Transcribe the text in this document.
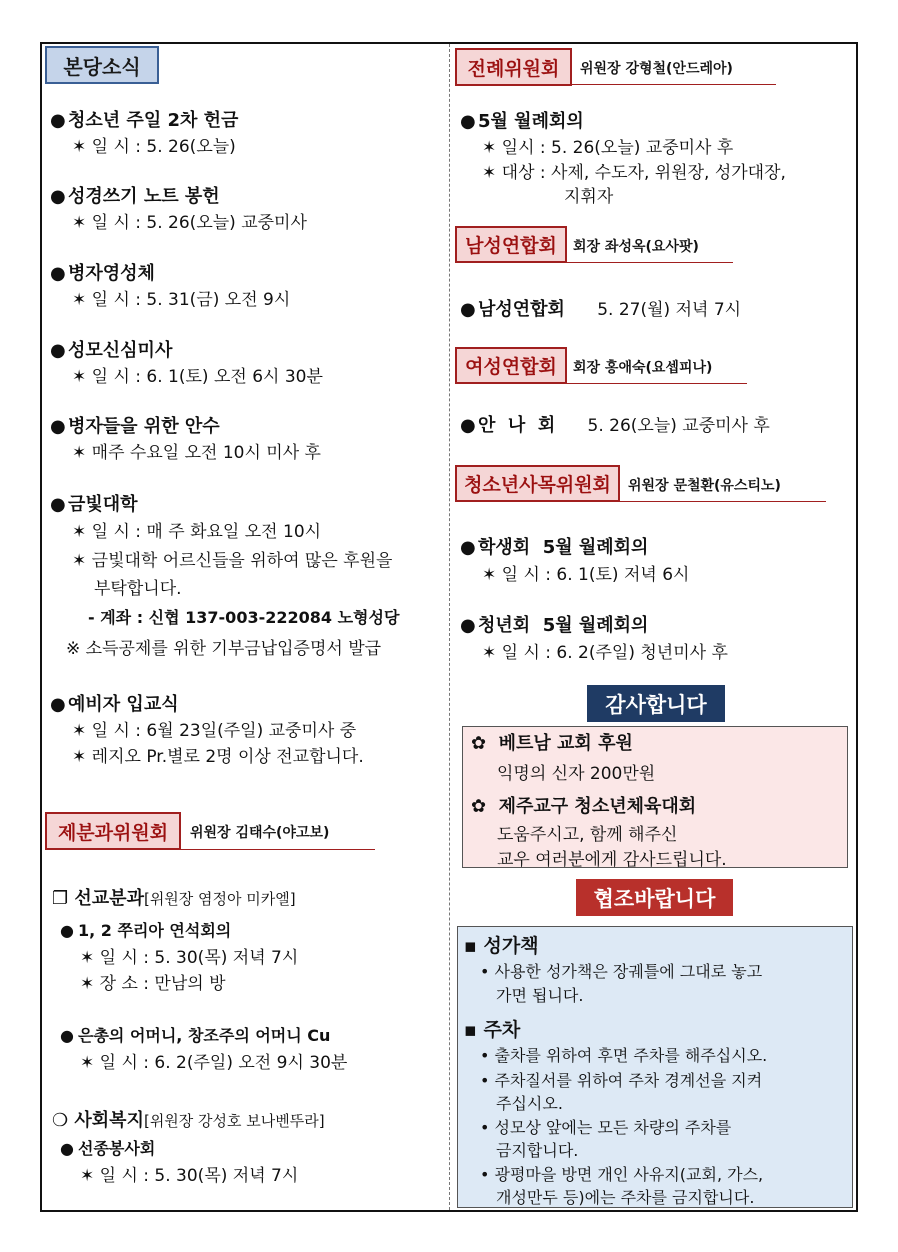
본당소식
● 청소년 주일 2차 헌금
✶ 일 시 : 5. 26(오늘)
● 성경쓰기 노트 봉헌
✶ 일 시 : 5. 26(오늘) 교중미사
● 병자영성체
✶ 일 시 : 5. 31(금) 오전 9시
● 성모신심미사
✶ 일 시 : 6. 1(토) 오전 6시 30분
● 병자들을 위한 안수
✶ 매주 수요일 오전 10시 미사 후
● 금빛대학
✶ 일 시 : 매 주 화요일 오전 10시
✶ 금빛대학 어르신들을 위하여 많은 후원을
부탁합니다.
- 계좌 : 신협 137-003-222084 노형성당
※ 소득공제를 위한 기부금납입증명서 발급
● 예비자 입교식
✶ 일 시 : 6월 23일(주일) 교중미사 중
✶ 레지오 Pr.별로 2명 이상 전교합니다.
제분과위원회	위원장 김태수(야고보)
❐ 선교분과[위원장 염정아 미카엘]
● 1, 2 쭈리아 연석회의
✶ 일 시 : 5. 30(목) 저녁 7시
✶ 장 소 : 만남의 방
● 은총의 어머니, 창조주의 어머니 Cu
✶ 일 시 : 6. 2(주일) 오전 9시 30분
❍ 사회복지[위원장 강성호 보나벤뚜라]
● 선종봉사회
✶ 일 시 : 5. 30(목) 저녁 7시
전례위원회	위원장 강형철(안드레아)
● 5월 월례회의
✶ 일시 : 5. 26(오늘) 교중미사 후
✶ 대상 : 사제, 수도자, 위원장, 성가대장,
지휘자
남성연합회	회장 좌성옥(요사팟)
● 남성연합회 5. 27(월) 저녁 7시
여성연합회	회장 홍애숙(요셉피나)
● 안  나  회 5. 26(오늘) 교중미사 후
청소년사목위원회	위원장 문철환(유스티노)
● 학생회  5월 월례회의
✶ 일 시 : 6. 1(토) 저녁 6시
● 청년회  5월 월례회의
✶ 일 시 : 6. 2(주일) 청년미사 후
감사합니다
✿  베트남 교회 후원
익명의 신자 200만원
✿  제주교구 청소년체육대회
도움주시고, 함께 해주신
교우 여러분에게 감사드립니다.
협조바랍니다
▪ 성가책
• 사용한 성가책은 장궤틀에 그대로 놓고
가면 됩니다.
▪ 주차
• 출차를 위하여 후면 주차를 해주십시오.
• 주차질서를 위하여 주차 경계선을 지켜
주십시오.
• 성모상 앞에는 모든 차량의 주차를
금지합니다.
• 광평마을 방면 개인 사유지(교회, 가스,
개성만두 등)에는 주차를 금지합니다.
